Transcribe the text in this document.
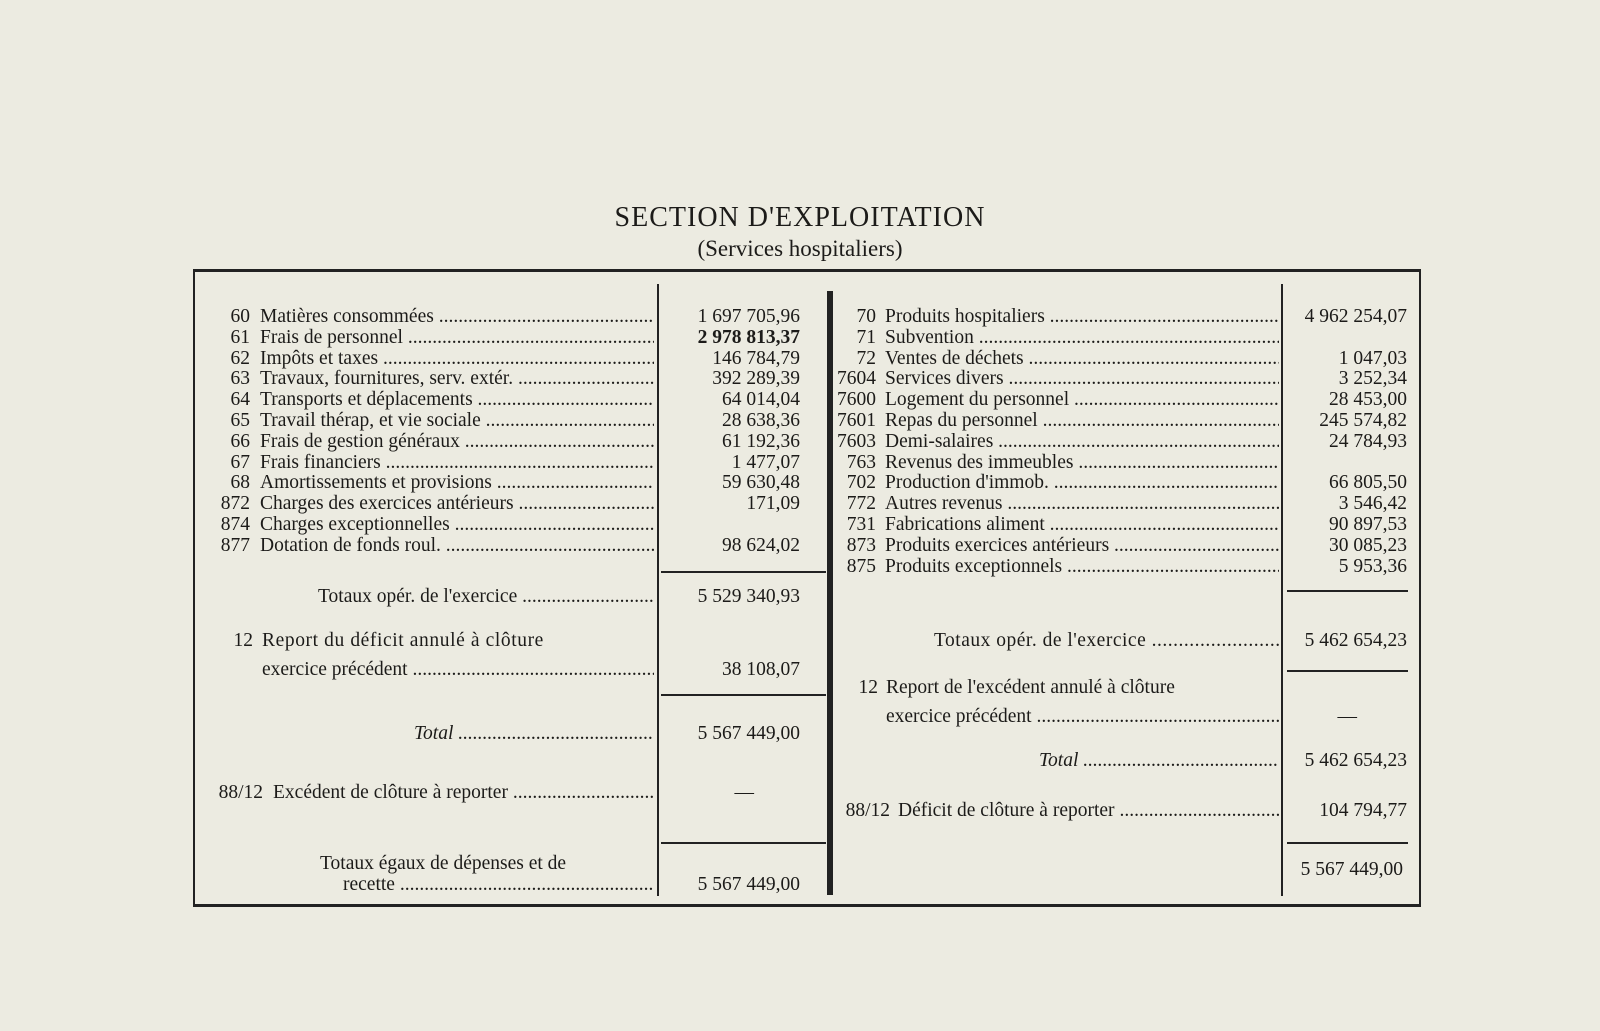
SECTION D'EXPLOITATION
(Services hospitaliers)
60 Matières consommées .....	1 697 705,96
61 Frais de personnel .....	2 978 813,37
62 Impôts et taxes .....	146 784,79
63 Travaux, fournitures, serv. extér. .....	392 289,39
64 Transports et déplacements .....	64 014,04
65 Travail thérap, et vie sociale .....	28 638,36
66 Frais de gestion généraux .....	61 192,36
67 Frais financiers .....	1 477,07
68 Amortissements et provisions .....	59 630,48
872 Charges des exercices antérieurs .....	171,09
874 Charges exceptionnelles .....
877 Dotation de fonds roul. .....	98 624,02
70 Produits hospitaliers .....	4 962 254,07
71 Subvention .....
72 Ventes de déchets .....	1 047,03
7604 Services divers .....	3 252,34
7600 Logement du personnel .....	28 453,00
7601 Repas du personnel .....	245 574,82
7603 Demi-salaires .....	24 784,93
763 Revenus des immeubles .....
702 Production d'immob. .....	66 805,50
772 Autres revenus .....	3 546,42
731 Fabrications aliment .....	90 897,53
873 Produits exercices antérieurs .....	30 085,23
875 Produits exceptionnels .....	5 953,36
Totaux opér. de l'exercice .....	5 529 340,93
12 Report du déficit annulé à clôture
exercice précédent .....	38 108,07
Total .....	5 567 449,00
88/12 Excédent de clôture à reporter .....	—
Totaux égaux de dépenses et de
recette .....	5 567 449,00
Totaux opér. de l'exercice .....	5 462 654,23
12 Report de l'excédent annulé à clôture
exercice précédent .....	—
Total .....	5 462 654,23
88/12 Déficit de clôture à reporter .....	104 794,77
5 567 449,00
